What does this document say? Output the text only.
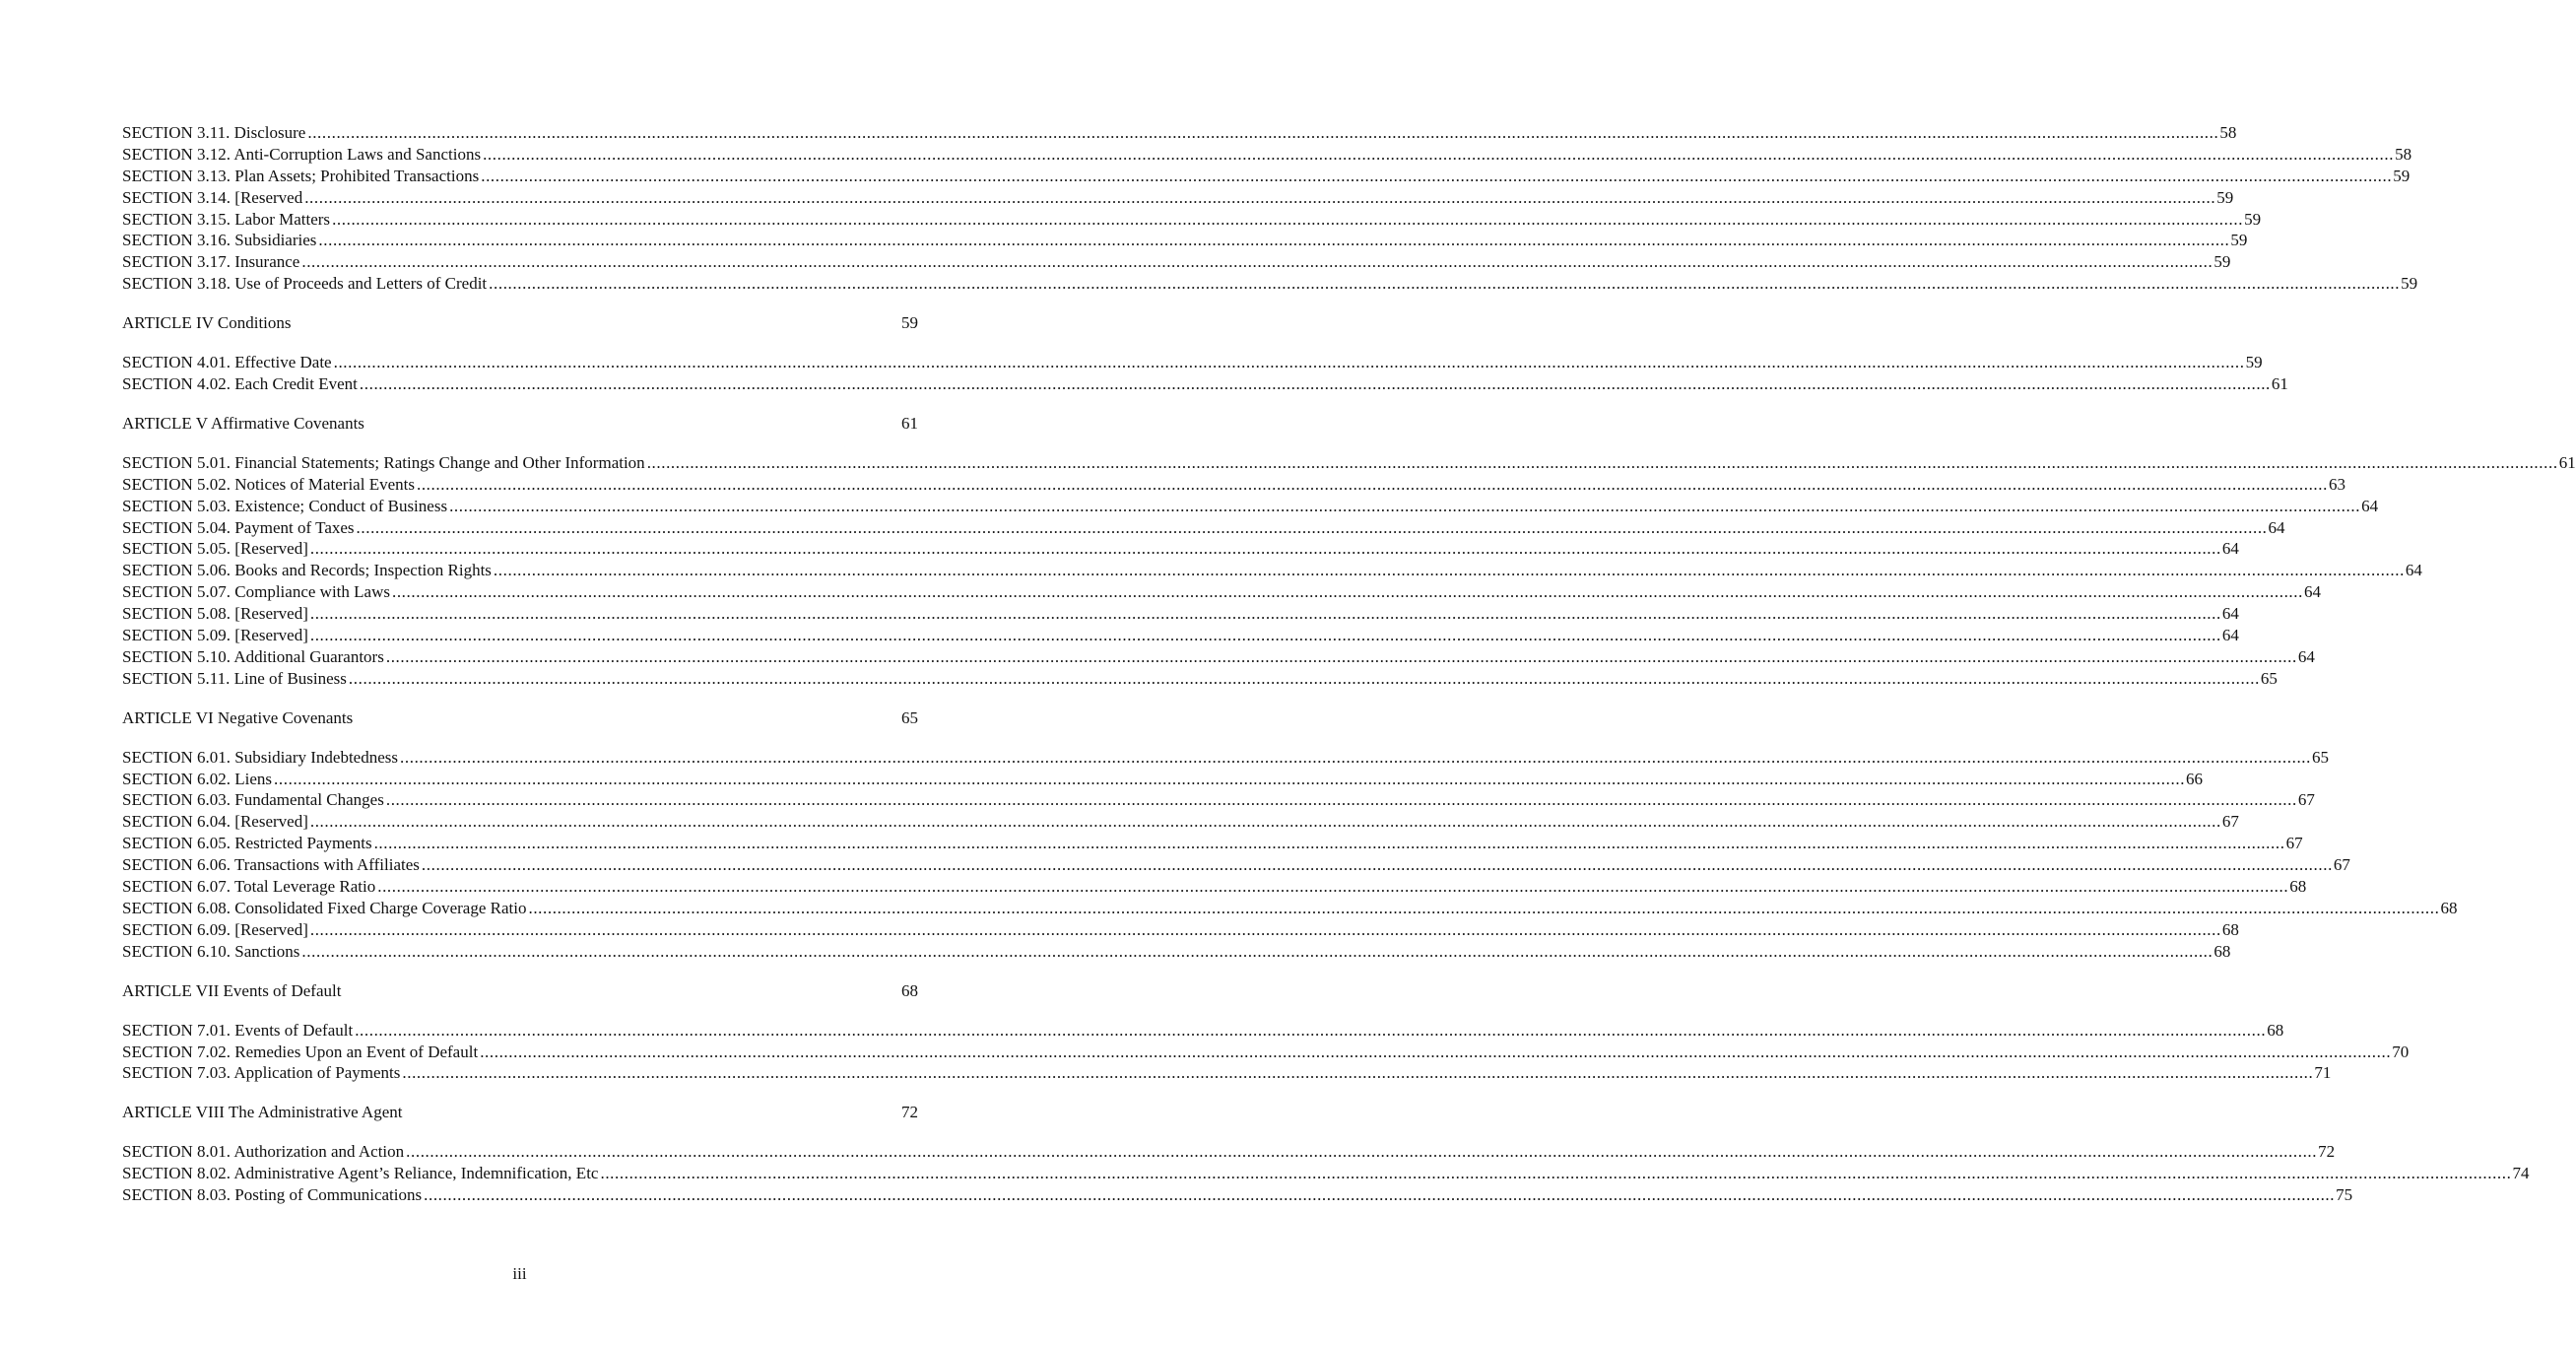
SECTION 3.11. Disclosure ................................................................................................................................................................................................................................................................................................................................................................................................................ 58
SECTION 3.12. Anti-Corruption Laws and Sanctions ................................................................................................................................................................................................................................................................................................................................................................................................................ 58
SECTION 3.13. Plan Assets; Prohibited Transactions ................................................................................................................................................................................................................................................................................................................................................................................................................ 59
SECTION 3.14. [Reserved ................................................................................................................................................................................................................................................................................................................................................................................................................ 59
SECTION 3.15. Labor Matters ................................................................................................................................................................................................................................................................................................................................................................................................................ 59
SECTION 3.16. Subsidiaries ................................................................................................................................................................................................................................................................................................................................................................................................................ 59
SECTION 3.17. Insurance ................................................................................................................................................................................................................................................................................................................................................................................................................ 59
SECTION 3.18. Use of Proceeds and Letters of Credit ................................................................................................................................................................................................................................................................................................................................................................................................................ 59
ARTICLE IV Conditions	59
SECTION 4.01. Effective Date ................................................................................................................................................................................................................................................................................................................................................................................................................ 59
SECTION 4.02. Each Credit Event ................................................................................................................................................................................................................................................................................................................................................................................................................ 61
ARTICLE V Affirmative Covenants	61
SECTION 5.01. Financial Statements; Ratings Change and Other Information ................................................................................................................................................................................................................................................................................................................................................................................................................ 61
SECTION 5.02. Notices of Material Events ................................................................................................................................................................................................................................................................................................................................................................................................................ 63
SECTION 5.03. Existence; Conduct of Business ................................................................................................................................................................................................................................................................................................................................................................................................................ 64
SECTION 5.04. Payment of Taxes ................................................................................................................................................................................................................................................................................................................................................................................................................ 64
SECTION 5.05. [Reserved] ................................................................................................................................................................................................................................................................................................................................................................................................................ 64
SECTION 5.06. Books and Records; Inspection Rights ................................................................................................................................................................................................................................................................................................................................................................................................................ 64
SECTION 5.07. Compliance with Laws ................................................................................................................................................................................................................................................................................................................................................................................................................ 64
SECTION 5.08. [Reserved] ................................................................................................................................................................................................................................................................................................................................................................................................................ 64
SECTION 5.09. [Reserved] ................................................................................................................................................................................................................................................................................................................................................................................................................ 64
SECTION 5.10. Additional Guarantors ................................................................................................................................................................................................................................................................................................................................................................................................................ 64
SECTION 5.11. Line of Business ................................................................................................................................................................................................................................................................................................................................................................................................................ 65
ARTICLE VI Negative Covenants	65
SECTION 6.01. Subsidiary Indebtedness ................................................................................................................................................................................................................................................................................................................................................................................................................ 65
SECTION 6.02. Liens ................................................................................................................................................................................................................................................................................................................................................................................................................ 66
SECTION 6.03. Fundamental Changes ................................................................................................................................................................................................................................................................................................................................................................................................................ 67
SECTION 6.04. [Reserved] ................................................................................................................................................................................................................................................................................................................................................................................................................ 67
SECTION 6.05. Restricted Payments ................................................................................................................................................................................................................................................................................................................................................................................................................ 67
SECTION 6.06. Transactions with Affiliates ................................................................................................................................................................................................................................................................................................................................................................................................................ 67
SECTION 6.07. Total Leverage Ratio ................................................................................................................................................................................................................................................................................................................................................................................................................ 68
SECTION 6.08. Consolidated Fixed Charge Coverage Ratio ................................................................................................................................................................................................................................................................................................................................................................................................................ 68
SECTION 6.09. [Reserved] ................................................................................................................................................................................................................................................................................................................................................................................................................ 68
SECTION 6.10. Sanctions ................................................................................................................................................................................................................................................................................................................................................................................................................ 68
ARTICLE VII Events of Default	68
SECTION 7.01. Events of Default ................................................................................................................................................................................................................................................................................................................................................................................................................ 68
SECTION 7.02. Remedies Upon an Event of Default ................................................................................................................................................................................................................................................................................................................................................................................................................ 70
SECTION 7.03. Application of Payments ................................................................................................................................................................................................................................................................................................................................................................................................................ 71
ARTICLE VIII The Administrative Agent	72
SECTION 8.01. Authorization and Action ................................................................................................................................................................................................................................................................................................................................................................................................................ 72
SECTION 8.02. Administrative Agent’s Reliance, Indemnification, Etc ................................................................................................................................................................................................................................................................................................................................................................................................................ 74
SECTION 8.03. Posting of Communications ................................................................................................................................................................................................................................................................................................................................................................................................................ 75
iii
